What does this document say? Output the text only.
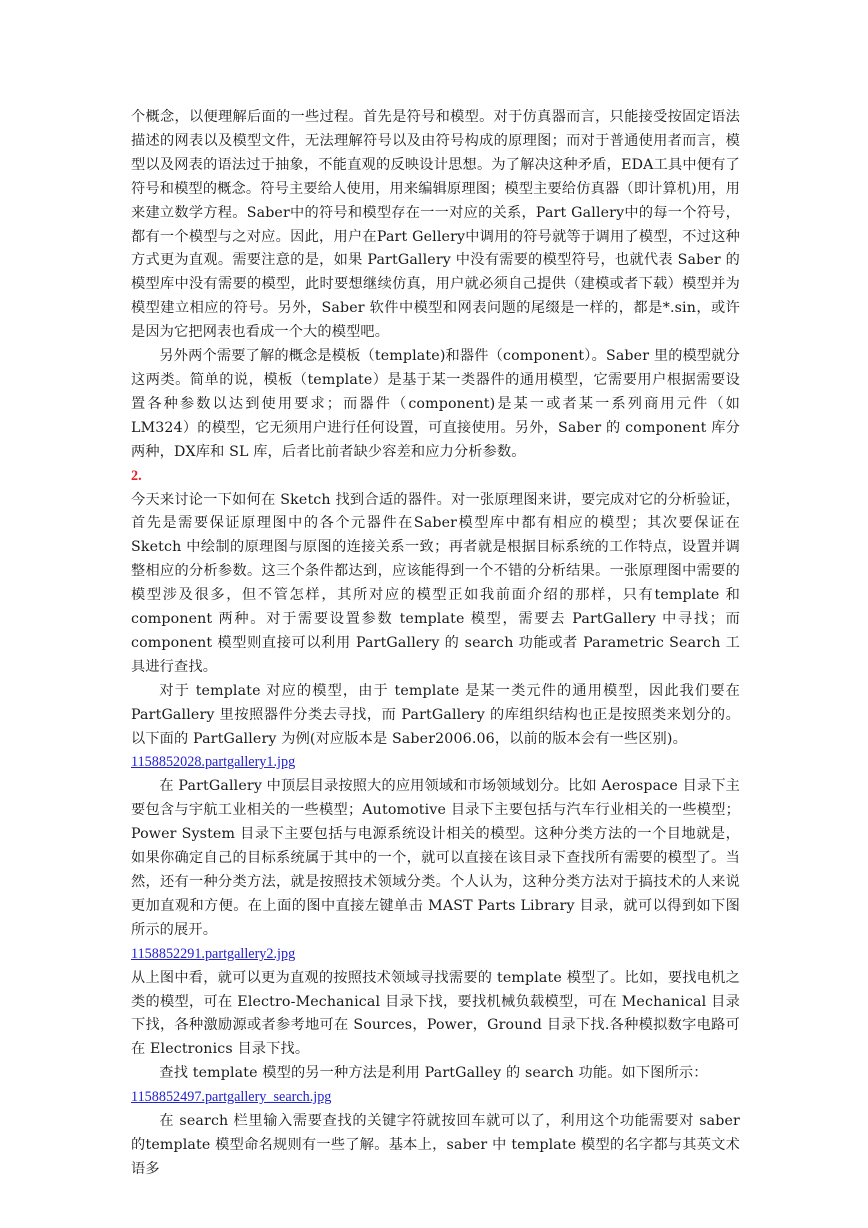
个概念，以便理解后面的一些过程。首先是符号和模型。对于仿真器而言，只能接受按固定语法描述的网表以及模型文件，无法理解符号以及由符号构成的原理图；而对于普通使用者而言，模型以及网表的语法过于抽象，不能直观的反映设计思想。为了解决这种矛盾，EDA工具中便有了符号和模型的概念。符号主要给人使用，用来编辑原理图；模型主要给仿真器（即计算机)用，用来建立数学方程。Saber中的符号和模型存在一一对应的关系，Part Gallery中的每一个符号，都有一个模型与之对应。因此，用户在Part Gellery中调用的符号就等于调用了模型，不过这种方式更为直观。需要注意的是，如果 PartGallery 中没有需要的模型符号，也就代表 Saber 的模型库中没有需要的模型，此时要想继续仿真，用户就必须自己提供（建模或者下载）模型并为模型建立相应的符号。另外，Saber 软件中模型和网表问题的尾缀是一样的，都是*.sin，或许是因为它把网表也看成一个大的模型吧。

另外两个需要了解的概念是模板（template)和器件（component）。Saber 里的模型就分这两类。简单的说，模板（template）是基于某一类器件的通用模型，它需要用户根据需要设置各种参数以达到使用要求；而器件（component)是某一或者某一系列商用元件（如 LM324）的模型，它无须用户进行任何设置，可直接使用。另外，Saber 的 component 库分两种，DX库和 SL 库，后者比前者缺少容差和应力分析参数。

2.

今天来讨论一下如何在 Sketch 找到合适的器件。对一张原理图来讲，要完成对它的分析验证，首先是需要保证原理图中的各个元器件在Saber模型库中都有相应的模型；其次要保证在 Sketch 中绘制的原理图与原图的连接关系一致；再者就是根据目标系统的工作特点，设置并调整相应的分析参数。这三个条件都达到，应该能得到一个不错的分析结果。一张原理图中需要的模型涉及很多，但不管怎样，其所对应的模型正如我前面介绍的那样，只有template 和 component 两种。对于需要设置参数 template 模型，需要去 PartGallery 中寻找；而 component 模型则直接可以利用 PartGallery 的 search 功能或者 Parametric Search 工具进行查找。

对于 template 对应的模型，由于 template 是某一类元件的通用模型，因此我们要在PartGallery 里按照器件分类去寻找，而 PartGallery 的库组织结构也正是按照类来划分的。以下面的 PartGallery 为例(对应版本是 Saber2006.06，以前的版本会有一些区别)。

1158852028.partgallery1.jpg

在 PartGallery 中顶层目录按照大的应用领域和市场领域划分。比如 Aerospace 目录下主要包含与宇航工业相关的一些模型；Automotive 目录下主要包括与汽车行业相关的一些模型；Power System 目录下主要包括与电源系统设计相关的模型。这种分类方法的一个目地就是，如果你确定自己的目标系统属于其中的一个，就可以直接在该目录下查找所有需要的模型了。当然，还有一种分类方法，就是按照技术领域分类。个人认为，这种分类方法对于搞技术的人来说更加直观和方便。在上面的图中直接左键单击 MAST Parts Library 目录，就可以得到如下图所示的展开。

1158852291.partgallery2.jpg

从上图中看，就可以更为直观的按照技术领域寻找需要的 template 模型了。比如，要找电机之类的模型，可在 Electro-Mechanical 目录下找，要找机械负载模型，可在 Mechanical 目录下找，各种激励源或者参考地可在 Sources，Power，Ground 目录下找.各种模拟数字电路可在 Electronics 目录下找。

查找 template 模型的另一种方法是利用 PartGalley 的 search 功能。如下图所示：

1158852497.partgallery_search.jpg

在 search 栏里输入需要查找的关键字符就按回车就可以了，利用这个功能需要对 saber 的template 模型命名规则有一些了解。基本上，saber 中 template 模型的名字都与其英文术语多
